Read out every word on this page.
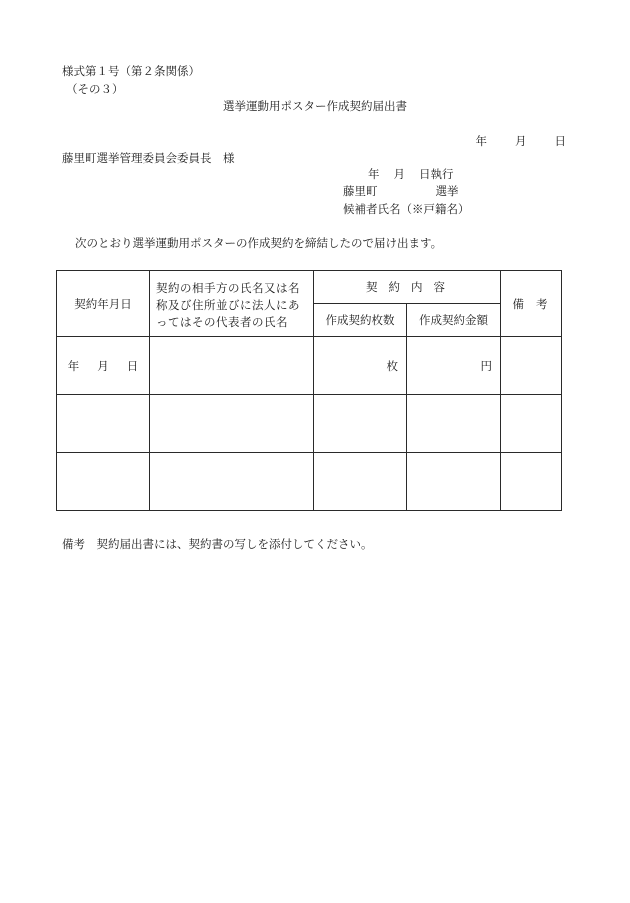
様式第１号（第２条関係）
（その３）
選挙運動用ポスター作成契約届出書
年 月 日
藤里町選挙管理委員会委員長　様
年 月 日執行
藤里町	選挙
候補者氏名（※戸籍名）
次のとおり選挙運動用ポスターの作成契約を締結したので届け出ます。
契約年月日	契約の相手方の氏名又は名称及び住所並びに法人にあってはその代表者の氏名	契約内容		備考
		作成契約枚数	作成契約金額	
年 月 日		枚	円	

備考　契約届出書には、契約書の写しを添付してください。
